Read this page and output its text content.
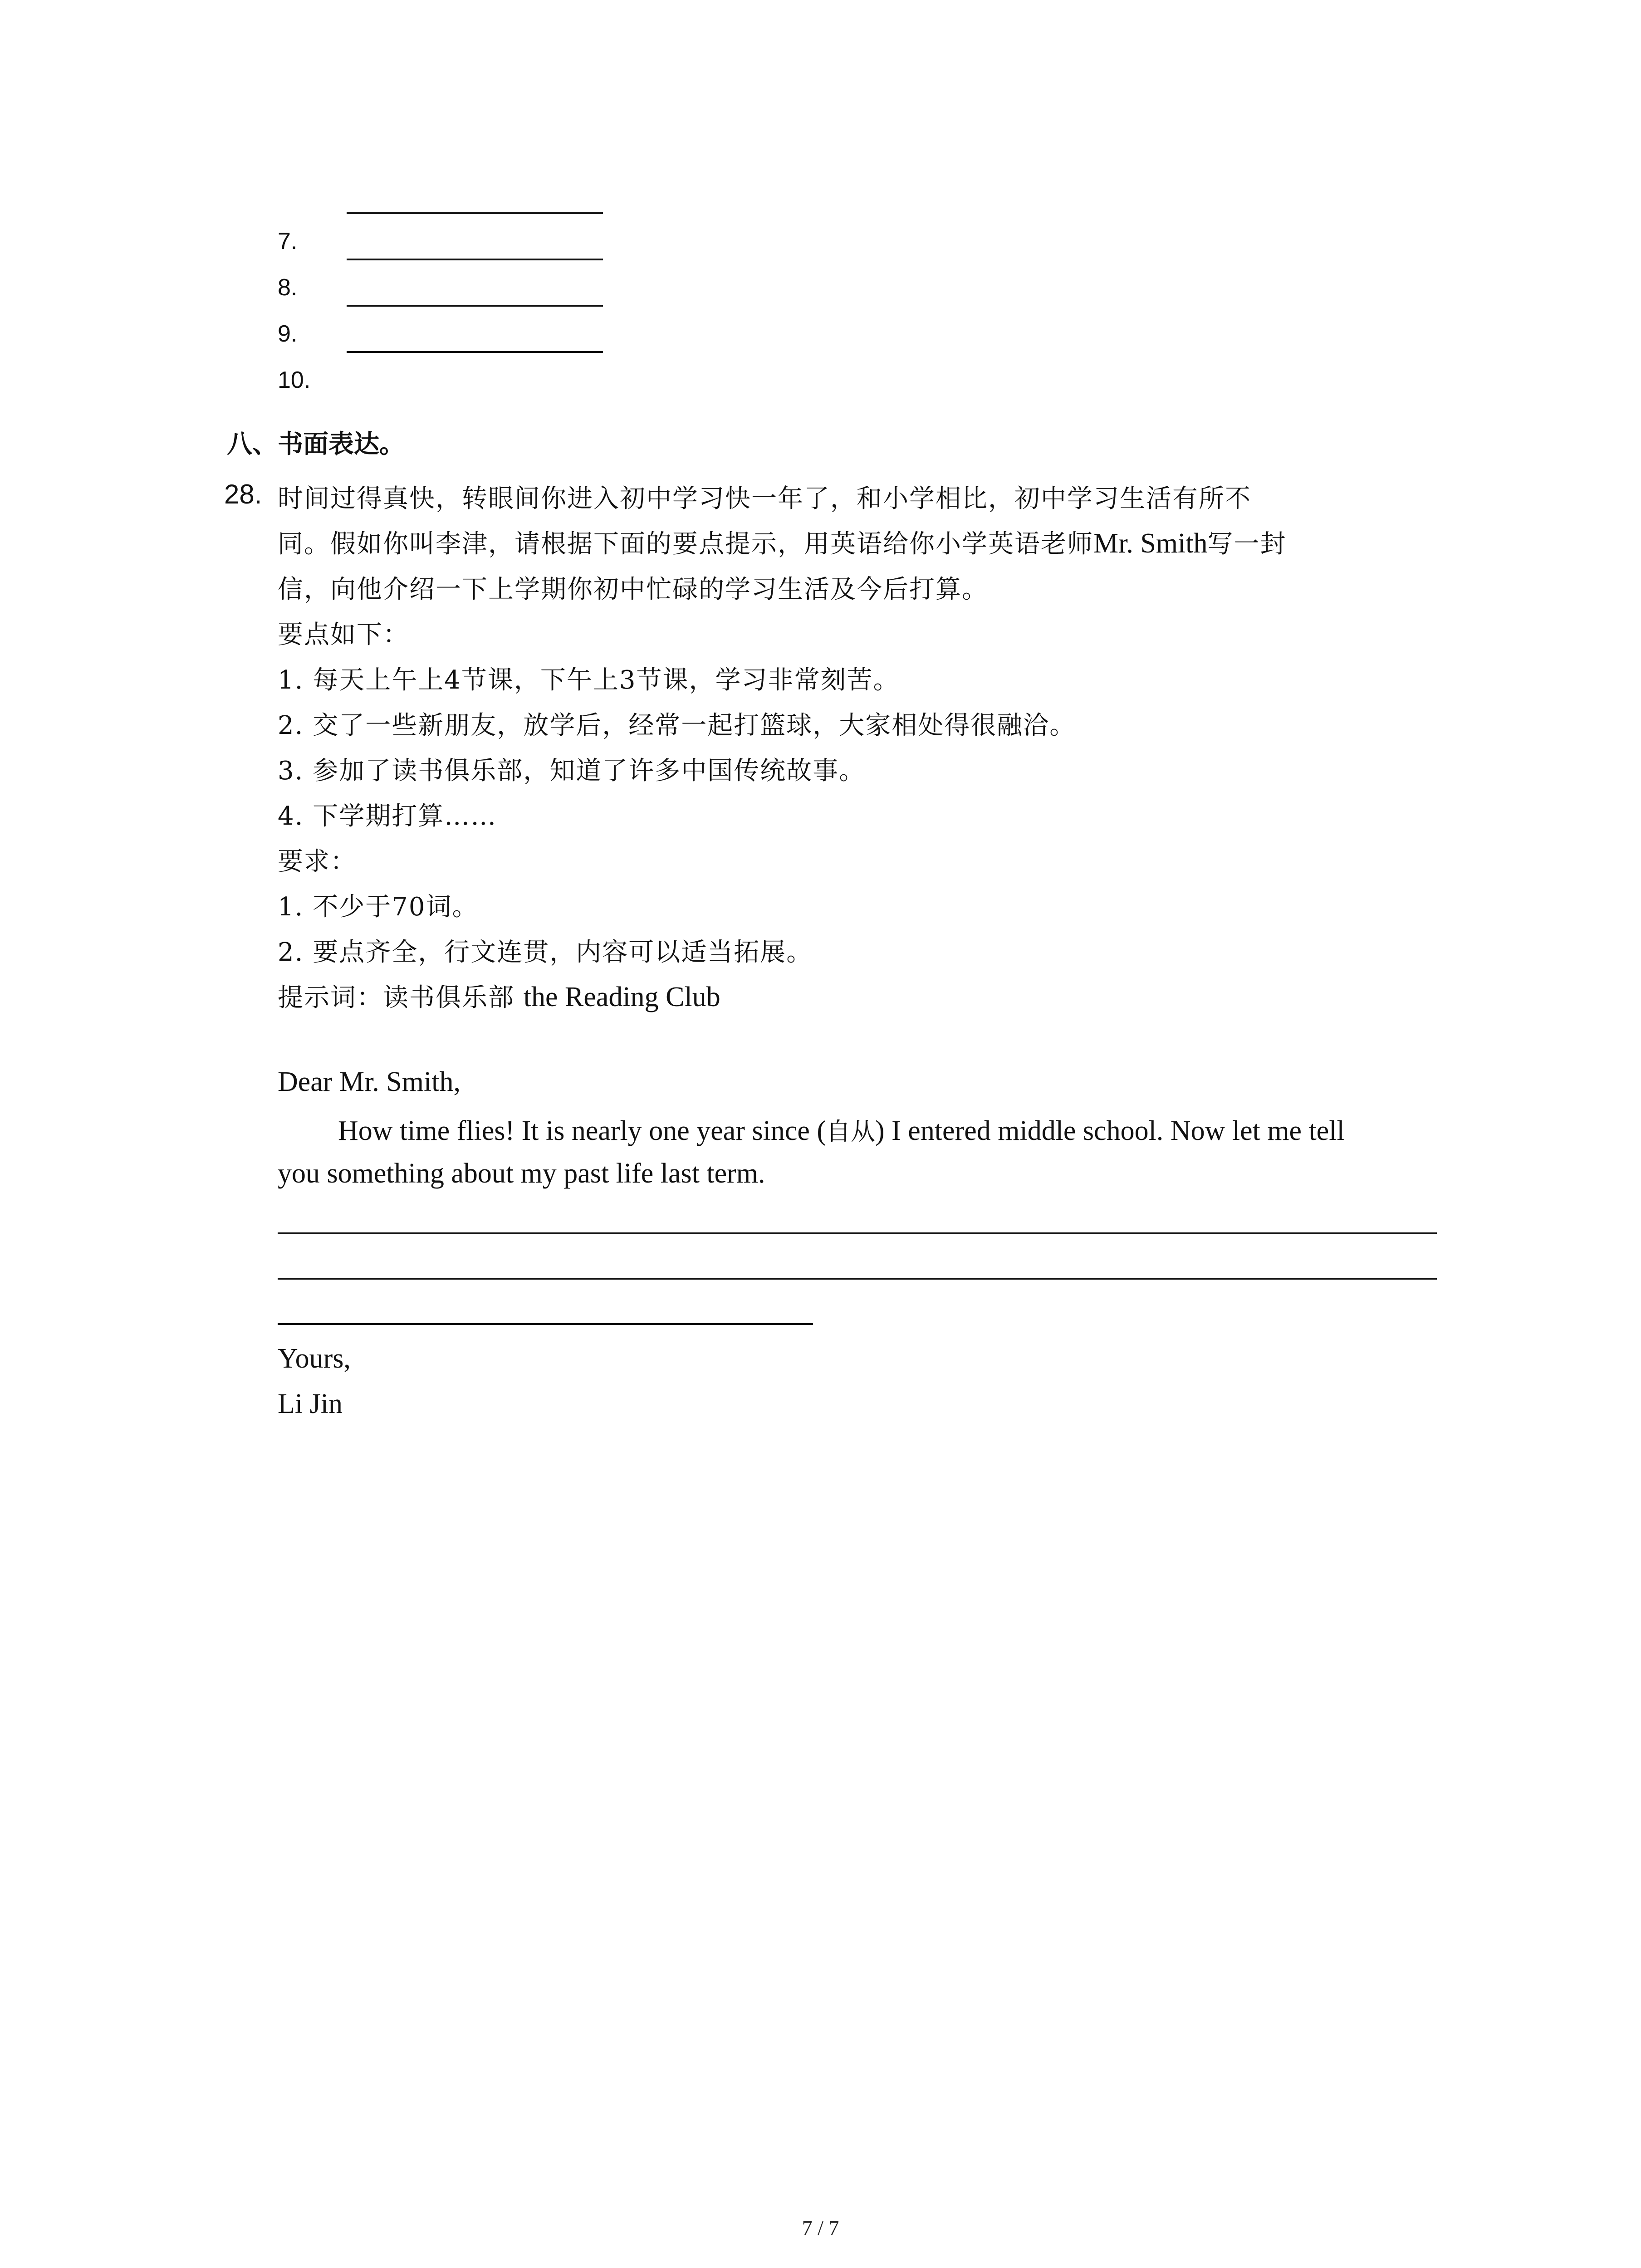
7.
8.
9.
10.
八、书面表达。
28. 时间过得真快，转眼间你进入初中学习快一年了，和小学相比，初中学习生活有所不
同。假如你叫李津，请根据下面的要点提示，用英语给你小学英语老师Mr. Smith写一封
信，向他介绍一下上学期你初中忙碌的学习生活及今后打算。
要点如下：
1. 每天上午上4节课，下午上3节课，学习非常刻苦。
2. 交了一些新朋友，放学后，经常一起打篮球，大家相处得很融洽。
3. 参加了读书俱乐部，知道了许多中国传统故事。
4. 下学期打算……
要求：
1. 不少于70词。
2. 要点齐全，行文连贯，内容可以适当拓展。
提示词：读书俱乐部 the Reading Club
Dear Mr. Smith,
How time flies! It is nearly one year since (自从) I entered middle school. Now let me tell
you something about my past life last term.
Yours,
Li Jin
7 / 7
